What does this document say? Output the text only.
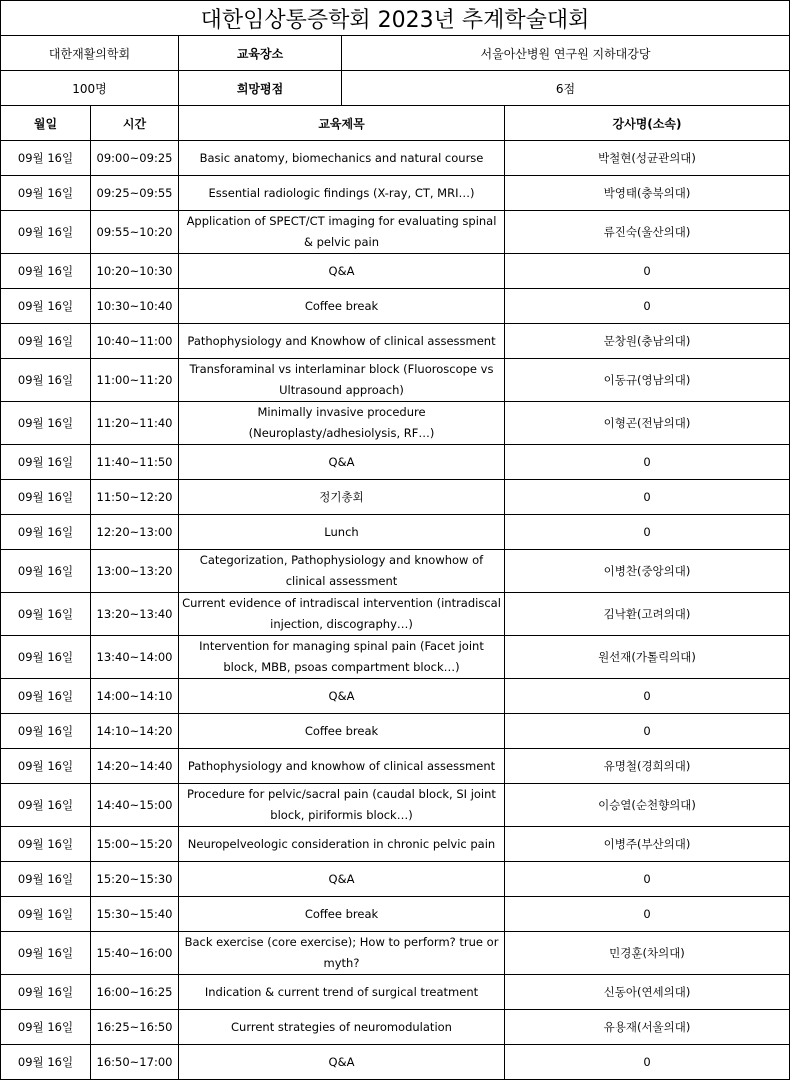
대한임상통증학회 2023년 추계학술대회				
대한재활의학회		교육장소	서울아산병원 연구원 지하대강당	
100명		희망평점	6점	
월일	시간	교육제목		강사명(소속)
09월 16일	09:00~09:25	Basic anatomy, biomechanics and natural course		박철현(성균관의대)
09월 16일	09:25~09:55	Essential radiologic findings (X-ray, CT, MRI…)		박영태(충북의대)
09월 16일	09:55~10:20	Application of SPECT/CT imaging for evaluating spinal & pelvic pain		류진숙(울산의대)
09월 16일	10:20~10:30	Q&A		0
09월 16일	10:30~10:40	Coffee break		0
09월 16일	10:40~11:00	Pathophysiology and Knowhow of clinical assessment		문창원(충남의대)
09월 16일	11:00~11:20	Transforaminal vs interlaminar block (Fluoroscope vs Ultrasound approach)		이동규(영남의대)
09월 16일	11:20~11:40	Minimally invasive procedure (Neuroplasty/adhesiolysis, RF…)		이형곤(전남의대)
09월 16일	11:40~11:50	Q&A		0
09월 16일	11:50~12:20	정기총회		0
09월 16일	12:20~13:00	Lunch		0
09월 16일	13:00~13:20	Categorization, Pathophysiology and knowhow of clinical assessment		이병찬(중앙의대)
09월 16일	13:20~13:40	Current evidence of intradiscal intervention (intradiscal injection, discography…)		김낙환(고려의대)
09월 16일	13:40~14:00	Intervention for managing spinal pain (Facet joint block, MBB, psoas compartment block…)		원선재(가톨릭의대)
09월 16일	14:00~14:10	Q&A		0
09월 16일	14:10~14:20	Coffee break		0
09월 16일	14:20~14:40	Pathophysiology and knowhow of clinical assessment		유명철(경희의대)
09월 16일	14:40~15:00	Procedure for pelvic/sacral pain (caudal block, SI joint block, piriformis block…)		이승열(순천향의대)
09월 16일	15:00~15:20	Neuropelveologic consideration in chronic pelvic pain		이병주(부산의대)
09월 16일	15:20~15:30	Q&A		0
09월 16일	15:30~15:40	Coffee break		0
09월 16일	15:40~16:00	Back exercise (core exercise); How to perform? true or myth?		민경훈(차의대)
09월 16일	16:00~16:25	Indication & current trend of surgical treatment		신동아(연세의대)
09월 16일	16:25~16:50	Current strategies of neuromodulation		유용재(서울의대)
09월 16일	16:50~17:00	Q&A		0
